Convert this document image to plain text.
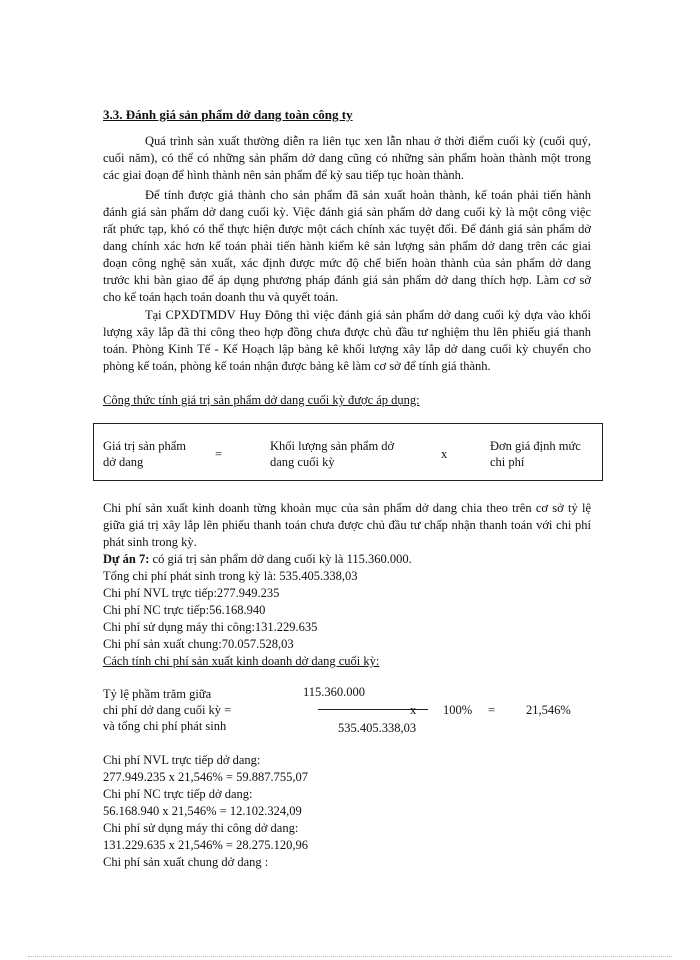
3.3. Đánh giá sản phẩm dở dang toàn công ty
Quá trình sản xuất thường diễn ra liên tục xen lẫn nhau ở thời điểm cuối kỳ (cuối quý, cuối năm), có thể có những sản phẩm dở dang cũng có những sản phẩm hoàn thành một trong các giai đoạn để hình thành nên sản phẩm để kỳ sau tiếp tục hoàn thành.
Để tính được giá thành cho sản phẩm đã sản xuất hoàn thành, kế toán phải tiến hành đánh giá sản phẩm dở dang cuối kỳ. Việc đánh giá sản phẩm dở dang cuối kỳ là một công việc rất phức tạp, khó có thể thực hiện được một cách chính xác tuyệt đối. Để đánh giá sản phẩm dở dang chính xác hơn kế toán phải tiến hành kiểm kê sản lượng sản phẩm dở dang trên các giai đoạn công nghệ sản xuất, xác định được mức độ chế biến hoàn thành của sản phẩm dở dang trước khi bàn giao để áp dụng phương pháp đánh giá sản phẩm dở dang thích hợp. Làm cơ sở cho kế toán hạch toán doanh thu và quyết toán.
Tại CPXDTMDV Huy Đông thì việc đánh giá sản phẩm dở dang cuối kỳ dựa vào khối lượng xây lắp đã thi công theo hợp đồng chưa được chủ đầu tư nghiệm thu lên phiếu giá thanh toán. Phòng Kinh Tế - Kế Hoạch lập bảng kê khối lượng xây lắp dở dang cuối kỳ chuyển cho phòng kế toán, phòng kế toán nhận được bảng kê làm cơ sở để tính giá thành.
Công thức tính giá trị sản phẩm dở dang cuối kỳ được áp dụng:
Giá trị sản phẩm
dở dang
=
Khối lượng sản phẩm dở
dang cuối kỳ
x
Đơn giá định mức
chi phí
Chi phí sản xuất kinh doanh từng khoản mục của sản phẩm dở dang chia theo trên cơ sở tỷ lệ giữa giá trị xây lắp lên phiếu thanh toán chưa được chủ đầu tư chấp nhận thanh toán với chi phí phát sinh trong kỳ.
Dự án 7: có giá trị sản phẩm dở dang cuối kỳ là 115.360.000.
Tổng chi phí phát sinh trong kỳ là: 535.405.338,03
Chi phí NVL trực tiếp:277.949.235
Chi phí NC trực tiếp:56.168.940
Chi phí sử dụng máy thi công:131.229.635
Chi phí sản xuất chung:70.057.528,03
Cách tính chi phí sản xuất kinh doanh dở dang cuối kỳ:
Tỷ lệ phầm trăm giữa
chi phí dở dang cuối kỳ =
và tổng chi phí phát sinh
115.360.000
x 100% = 21,546%
535.405.338,03
Chi phí NVL trực tiếp dở dang:
277.949.235 x 21,546% = 59.887.755,07
Chi phí NC trực tiếp dở dang:
56.168.940 x 21,546% = 12.102.324,09
Chi phí sử dụng máy thi công dở dang:
131.229.635 x 21,546% = 28.275.120,96
Chi phí sản xuất chung dở dang :
